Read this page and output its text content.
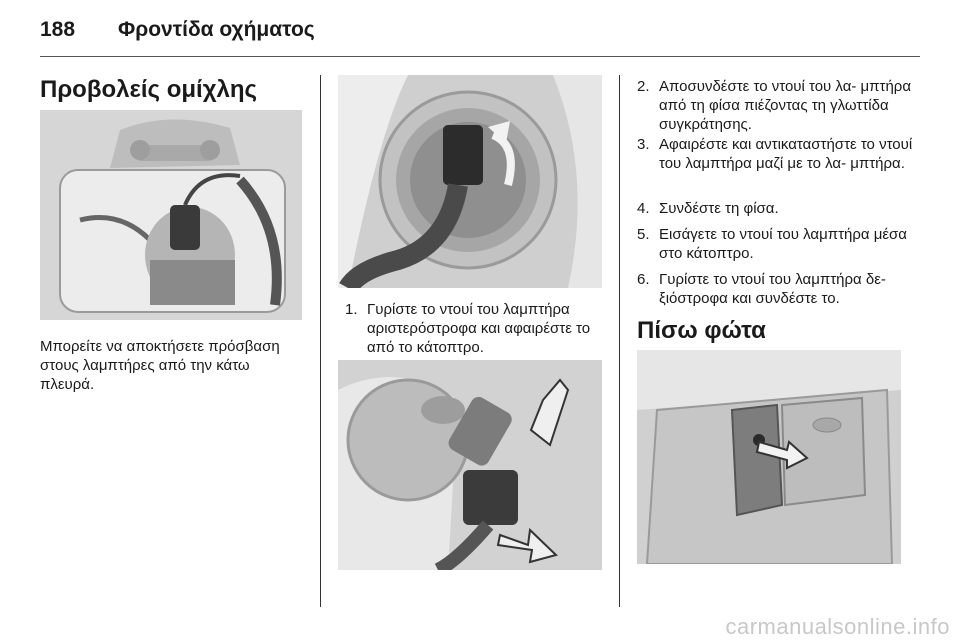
188	Φροντίδα οχήματος
Προβολείς ομίχλης
Μπορείτε να αποκτήσετε πρόσβαση
στους λαμπτήρες από την κάτω
πλευρά.
1. Γυρίστε το ντουί του λαμπτήρα αριστερόστροφα και αφαιρέστε το από το κάτοπτρο.
2. Αποσυνδέστε το ντουί του λα- μπτήρα από τη φίσα πιέζοντας τη γλωττίδα συγκράτησης.
3. Αφαιρέστε και αντικαταστήστε το ντουί του λαμπτήρα μαζί με το λα- μπτήρα.
4. Συνδέστε τη φίσα.
5. Εισάγετε το ντουί του λαμπτήρα μέσα στο κάτοπτρο.
6. Γυρίστε το ντουί του λαμπτήρα δε- ξιόστροφα και συνδέστε το.
Πίσω φώτα
carmanualsonline.info
